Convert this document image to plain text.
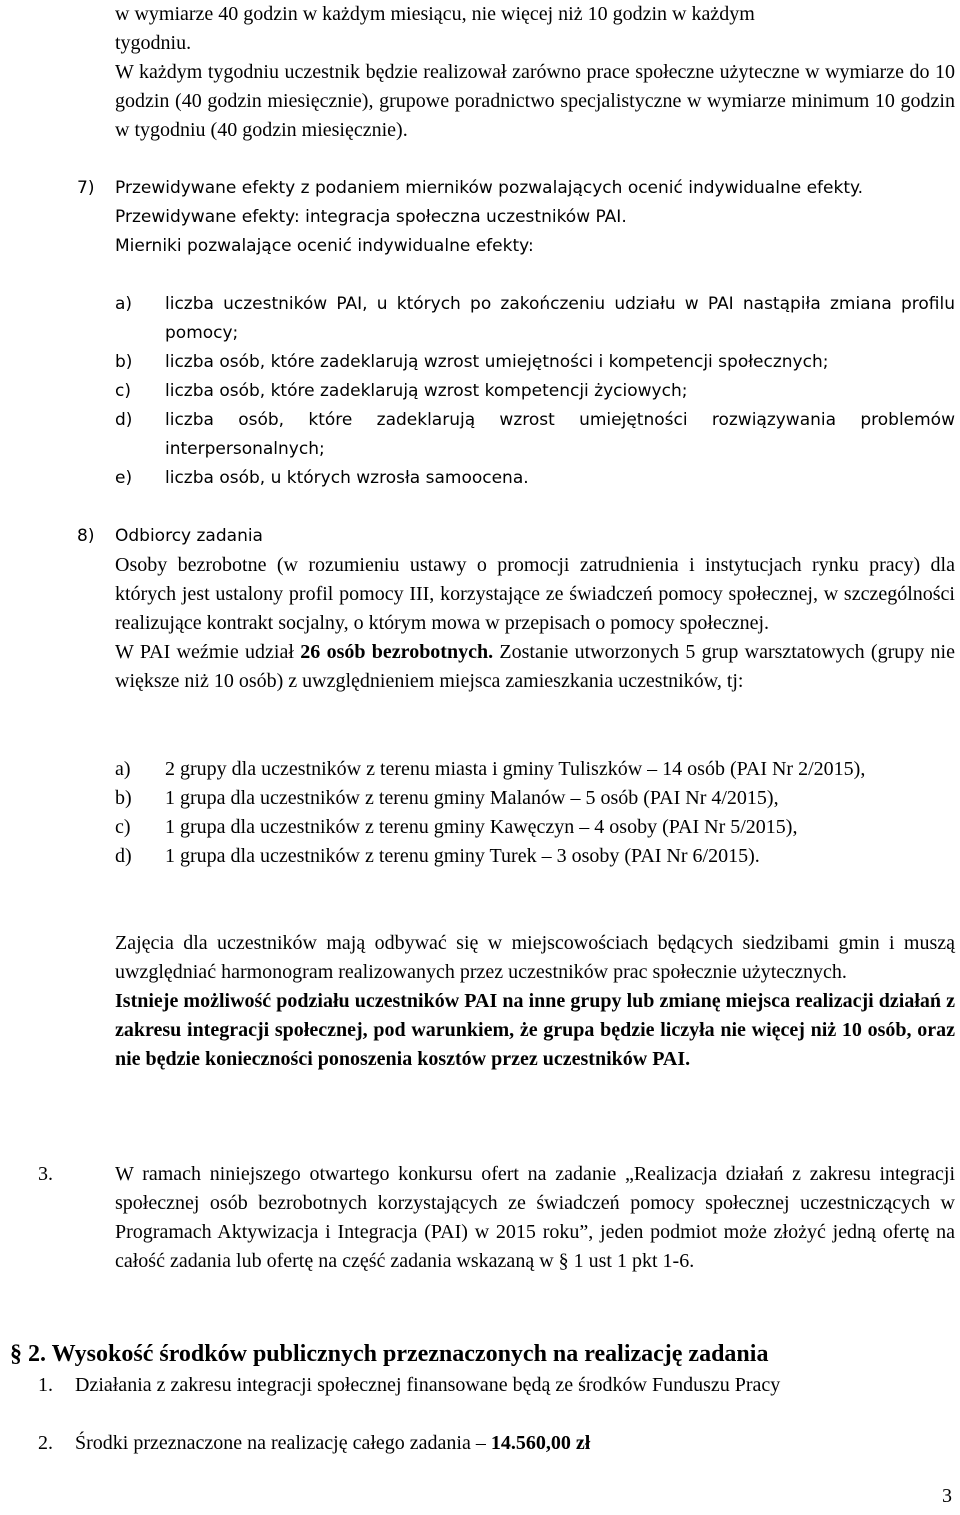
w wymiarze 40 godzin w każdym miesiącu, nie więcej niż 10 godzin w każdym

tygodniu.

W każdym tygodniu uczestnik będzie realizował zarówno prace społeczne użyteczne w wymiarze do 10 godzin (40 godzin miesięcznie), grupowe poradnictwo specjalistyczne w wymiarze minimum 10 godzin w tygodniu (40 godzin miesięcznie).

7) Przewidywane efekty z podaniem mierników pozwalających ocenić indywidualne efekty.

Przewidywane efekty: integracja społeczna uczestników PAI.

Mierniki pozwalające ocenić indywidualne efekty:

a) liczba uczestników PAI, u których po zakończeniu udziału w PAI nastąpiła zmiana profilu pomocy;
b) liczba osób, które zadeklarują wzrost umiejętności i kompetencji społecznych;
c) liczba osób, które zadeklarują wzrost kompetencji życiowych;
d) liczba osób, które zadeklarują wzrost umiejętności rozwiązywania problemów interpersonalnych;
e) liczba osób, u których wzrosła samoocena.
8) Odbiorcy zadania

Osoby bezrobotne (w rozumieniu ustawy o promocji zatrudnienia i instytucjach rynku pracy) dla których jest ustalony profil pomocy III, korzystające ze świadczeń pomocy społecznej, w szczególności realizujące kontrakt socjalny, o którym mowa w przepisach o pomocy społecznej.

W PAI weźmie udział 26 osób bezrobotnych. Zostanie utworzonych 5 grup warsztatowych (grupy nie większe niż 10 osób) z uwzględnieniem miejsca zamieszkania uczestników, tj:

a) 2 grupy dla uczestników z terenu miasta i gminy Tuliszków – 14 osób (PAI Nr 2/2015),
b) 1 grupa dla uczestników z terenu gminy Malanów – 5 osób (PAI Nr 4/2015),
c) 1 grupa dla uczestników z terenu gminy Kawęczyn – 4 osoby (PAI Nr 5/2015),
d) 1 grupa dla uczestników z terenu gminy Turek – 3 osoby (PAI Nr 6/2015).

Zajęcia dla uczestników mają odbywać się w miejscowościach będących siedzibami gmin i muszą uwzględniać harmonogram realizowanych przez uczestników prac społecznie użytecznych.

Istnieje możliwość podziału uczestników PAI na inne grupy lub zmianę miejsca realizacji działań z zakresu integracji społecznej, pod warunkiem, że grupa będzie liczyła nie więcej niż 10 osób, oraz nie będzie konieczności ponoszenia kosztów przez uczestników PAI.

3.	W ramach niniejszego otwartego konkursu ofert na zadanie „Realizacja działań z zakresu integracji społecznej osób bezrobotnych korzystających ze świadczeń pomocy społecznej uczestniczących w Programach Aktywizacja i Integracja (PAI) w 2015 roku”, jeden podmiot może złożyć jedną ofertę na całość zadania lub ofertę na część zadania wskazaną w § 1 ust 1 pkt 1-6.
§ 2. Wysokość środków publicznych przeznaczonych na realizację zadania
1. Działania z zakresu integracji społecznej finansowane będą ze środków Funduszu Pracy
2. Środki przeznaczone na realizację całego zadania – 14.560,00 zł
3
